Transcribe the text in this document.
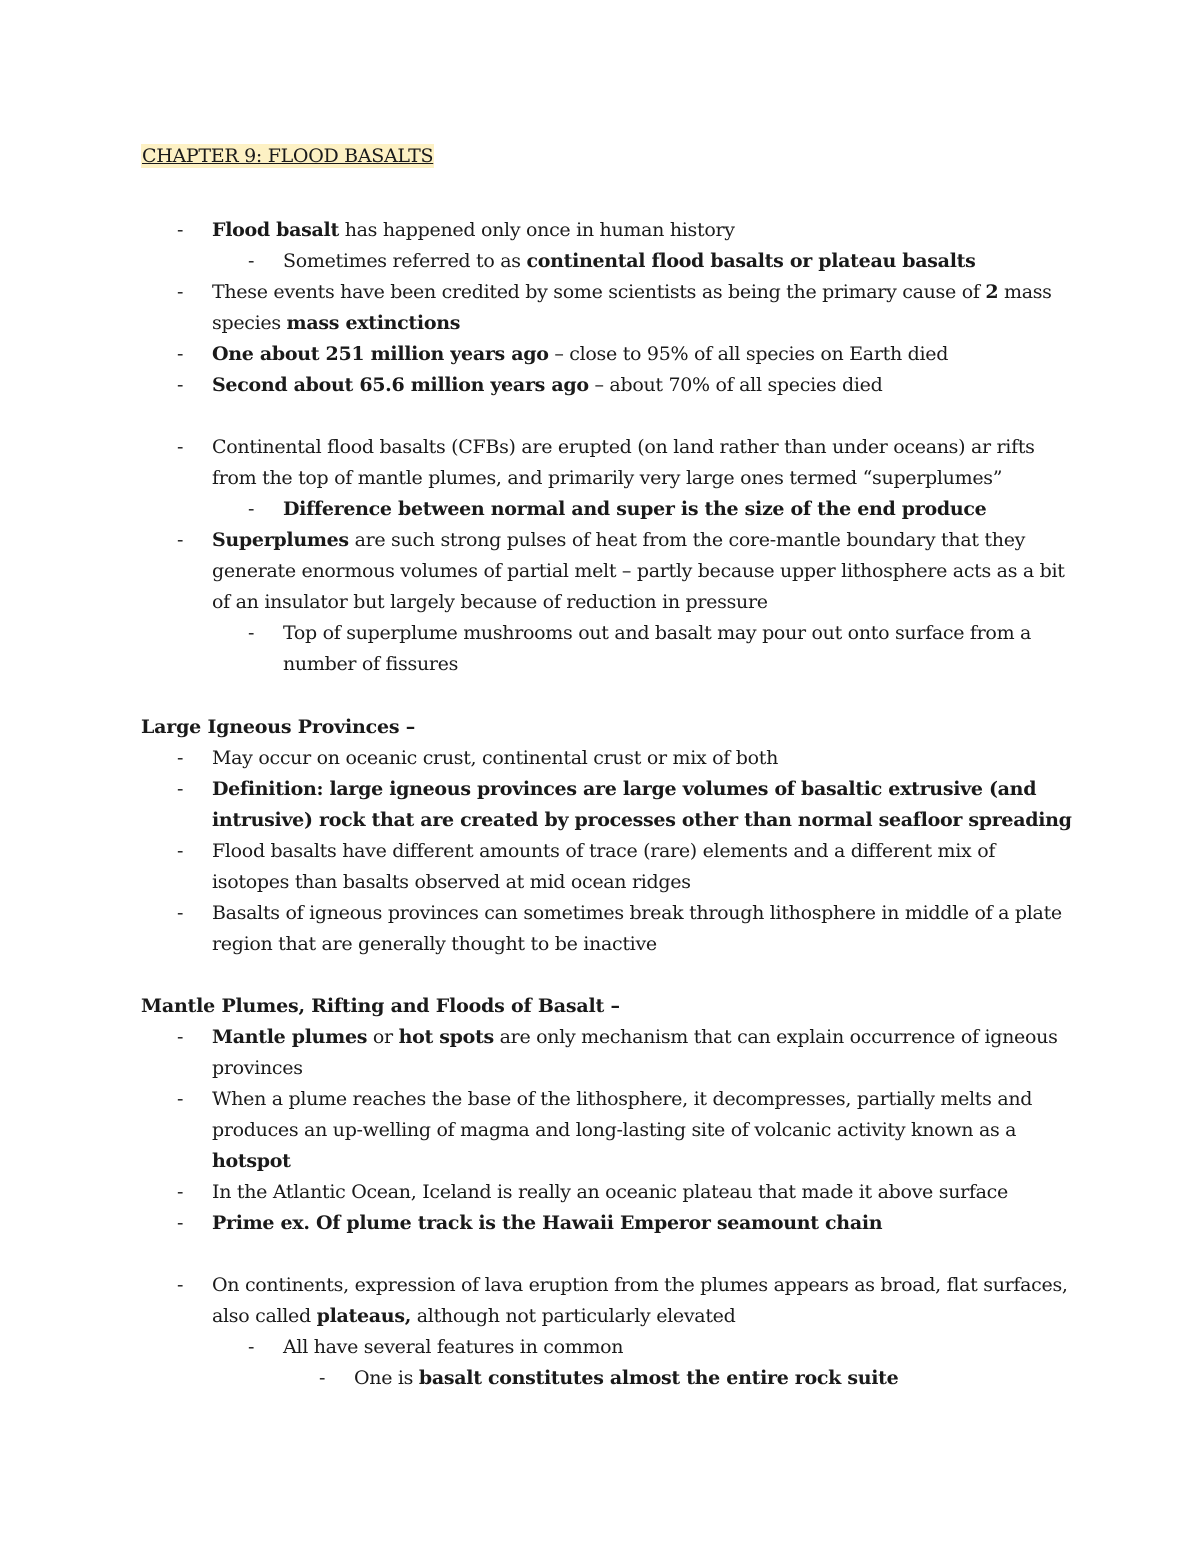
CHAPTER 9: FLOOD BASALTS
- Flood basalt has happened only once in human history
- Sometimes referred to as continental flood basalts or plateau basalts
- These events have been credited by some scientists as being the primary cause of 2 mass species mass extinctions
- One about 251 million years ago – close to 95% of all species on Earth died
- Second about 65.6 million years ago – about 70% of all species died
- Continental flood basalts (CFBs) are erupted (on land rather than under oceans) ar rifts from the top of mantle plumes, and primarily very large ones termed “superplumes”
- Difference between normal and super is the size of the end produce
- Superplumes are such strong pulses of heat from the core-mantle boundary that they generate enormous volumes of partial melt – partly because upper lithosphere acts as a bit of an insulator but largely because of reduction in pressure
- Top of superplume mushrooms out and basalt may pour out onto surface from a number of fissures
Large Igneous Provinces –
- May occur on oceanic crust, continental crust or mix of both
- Definition: large igneous provinces are large volumes of basaltic extrusive (and intrusive) rock that are created by processes other than normal seafloor spreading
- Flood basalts have different amounts of trace (rare) elements and a different mix of isotopes than basalts observed at mid ocean ridges
- Basalts of igneous provinces can sometimes break through lithosphere in middle of a plate region that are generally thought to be inactive
Mantle Plumes, Rifting and Floods of Basalt –
- Mantle plumes or hot spots are only mechanism that can explain occurrence of igneous provinces
- When a plume reaches the base of the lithosphere, it decompresses, partially melts and produces an up-welling of magma and long-lasting site of volcanic activity known as a hotspot
- In the Atlantic Ocean, Iceland is really an oceanic plateau that made it above surface
- Prime ex. Of plume track is the Hawaii Emperor seamount chain
- On continents, expression of lava eruption from the plumes appears as broad, flat surfaces, also called plateaus, although not particularly elevated
- All have several features in common
- One is basalt constitutes almost the entire rock suite
